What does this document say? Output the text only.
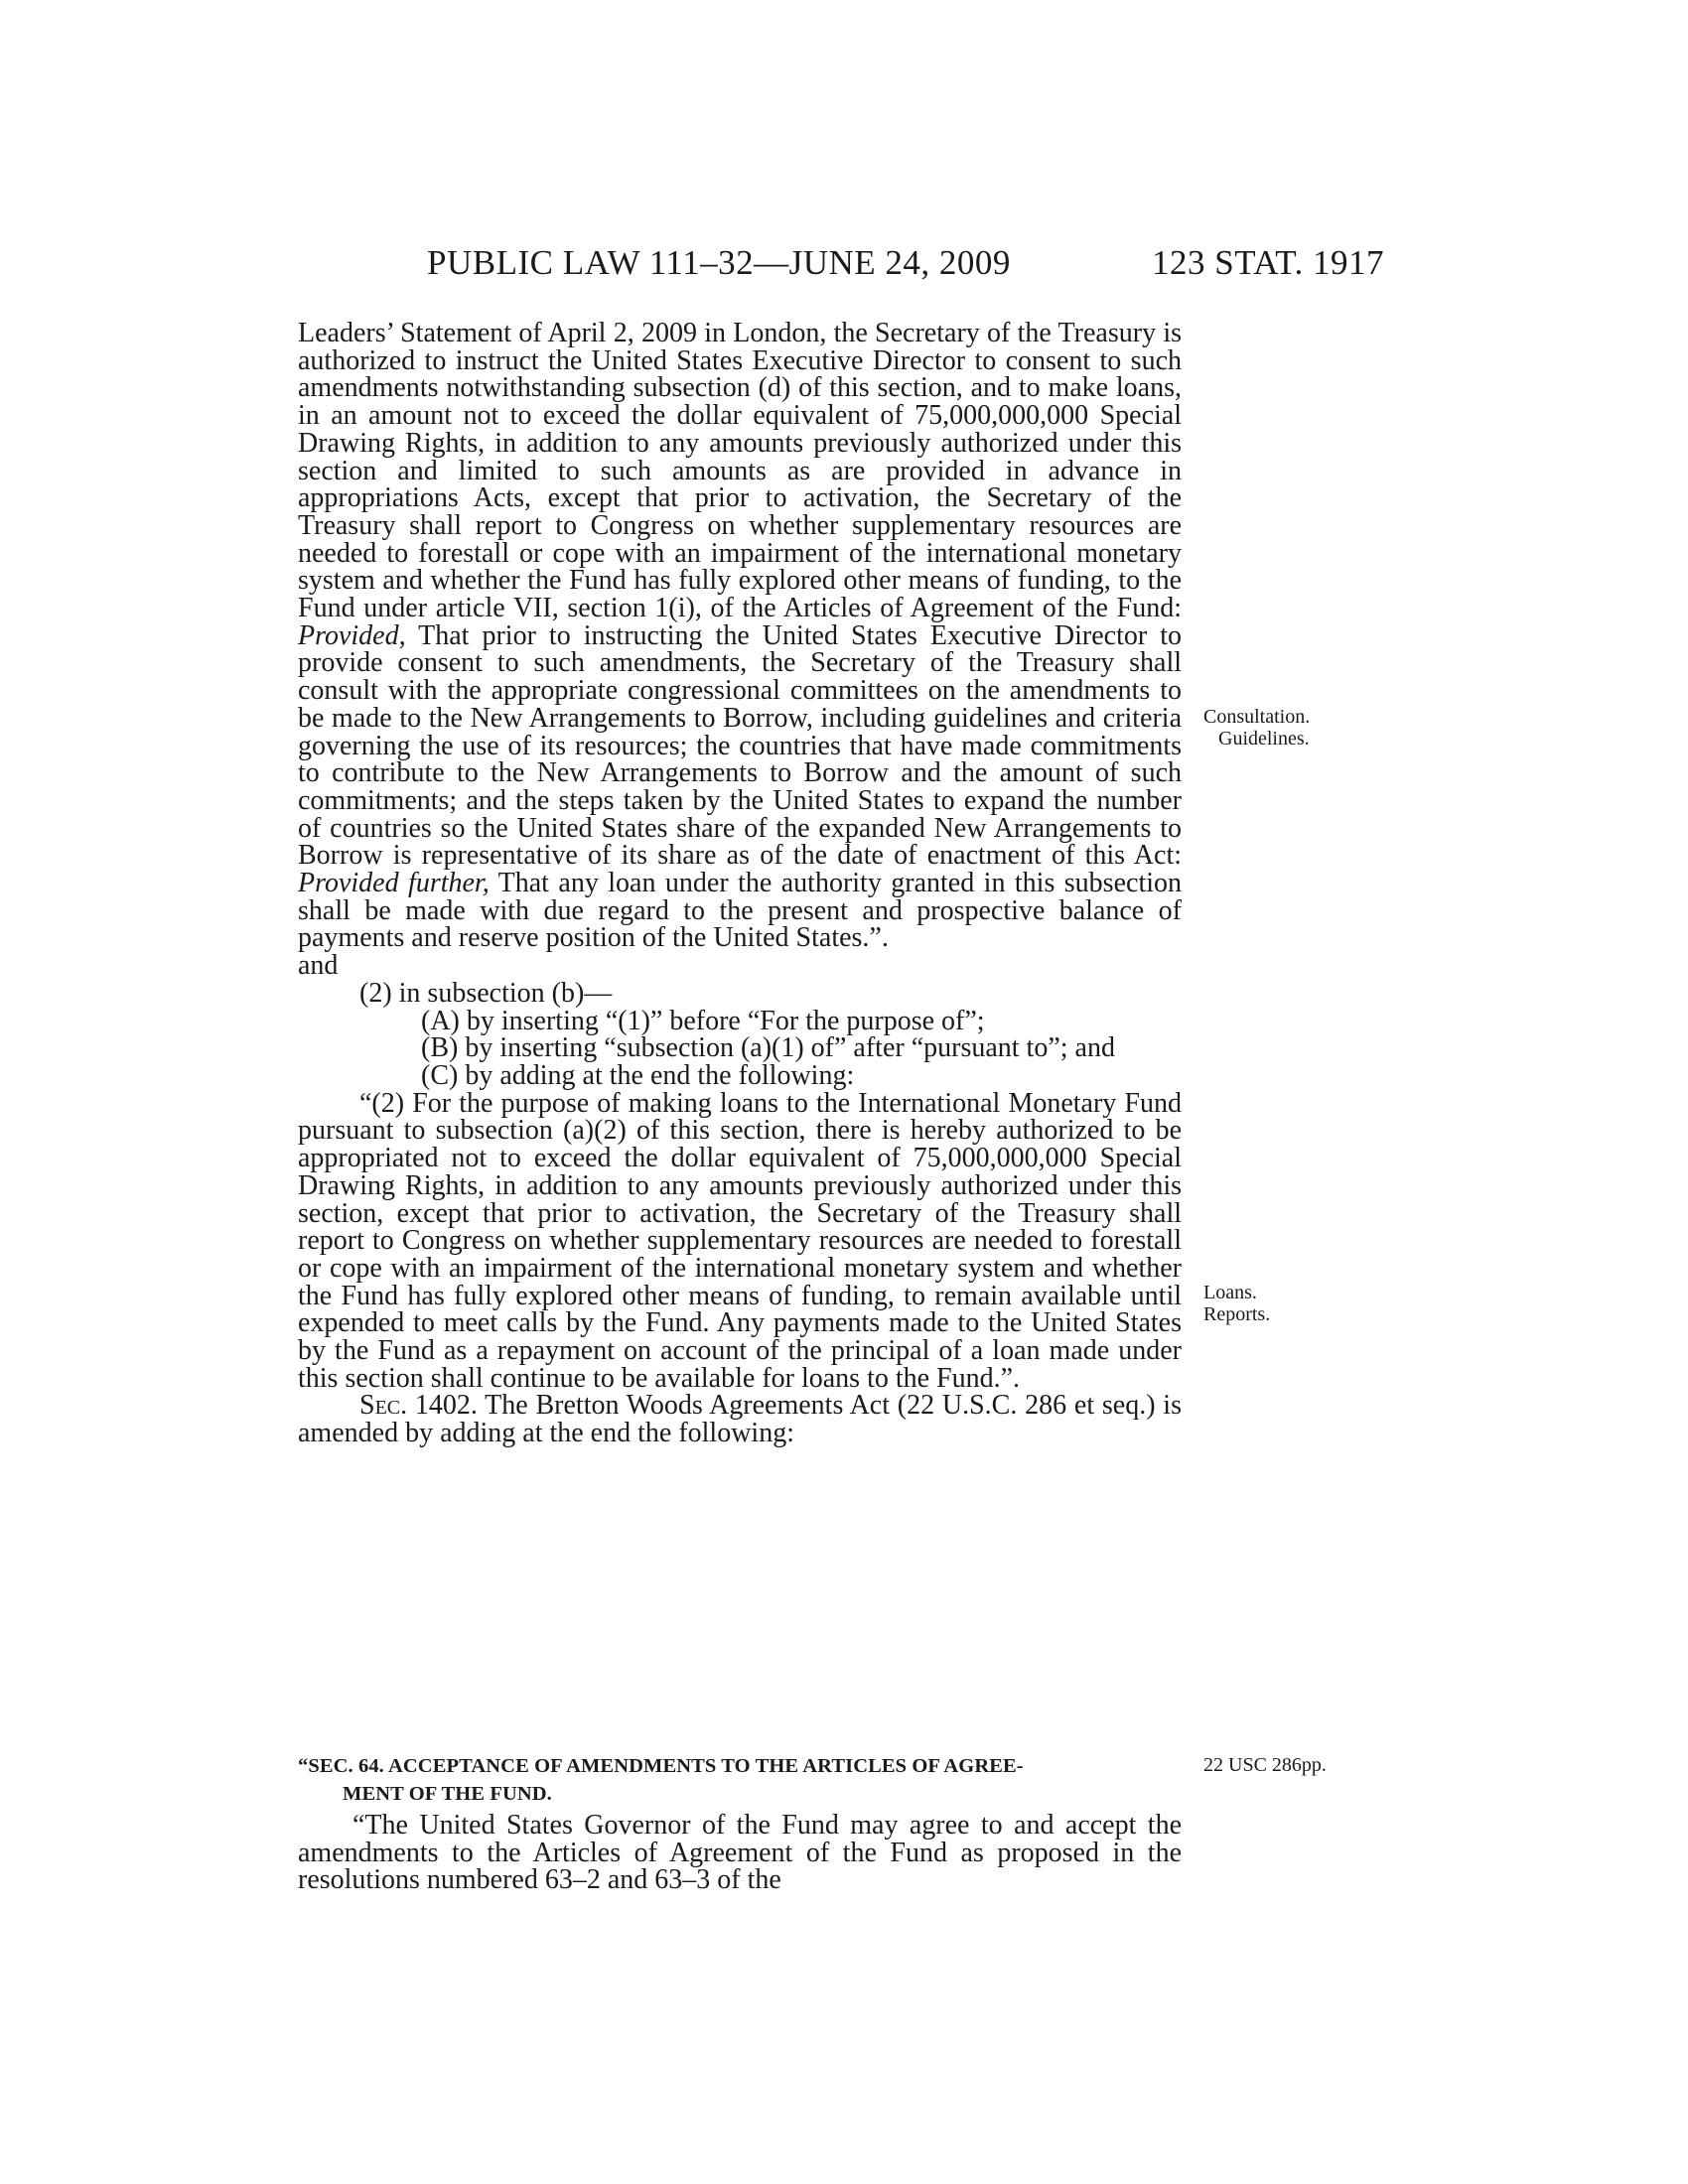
PUBLIC LAW 111–32—JUNE 24, 2009	123 STAT. 1917

Leaders’ Statement of April 2, 2009 in London, the Secretary of the Treasury is authorized to instruct the United States Executive Director to consent to such amendments notwithstanding subsection (d) of this section, and to make loans, in an amount not to exceed the dollar equivalent of 75,000,000,000 Special Drawing Rights, in addition to any amounts previously authorized under this section and limited to such amounts as are provided in advance in appropriations Acts, except that prior to activation, the Secretary of the Treasury shall report to Congress on whether supplementary resources are needed to forestall or cope with an impairment of the international monetary system and whether the Fund has fully explored other means of funding, to the Fund under article VII, section 1(i), of the Articles of Agreement of the Fund: Provided, That prior to instructing the United States Executive Director to provide consent to such amendments, the Secretary of the Treasury shall consult with the appropriate congressional committees on the amendments to be made to the New Arrangements to Borrow, including guidelines and criteria governing the use of its resources; the countries that have made commitments to contribute to the New Arrangements to Borrow and the amount of such commitments; and the steps taken by the United States to expand the number of countries so the United States share of the expanded New Arrangements to Borrow is representative of its share as of the date of enactment of this Act: Provided further, That any loan under the authority granted in this subsection shall be made with due regard to the present and prospective balance of payments and reserve position of the United States.”.

and

(2) in subsection (b)—

(A) by inserting “(1)” before “For the purpose of”;

(B) by inserting “subsection (a)(1) of” after “pursuant to”; and

(C) by adding at the end the following:

“(2) For the purpose of making loans to the International Monetary Fund pursuant to subsection (a)(2) of this section, there is hereby authorized to be appropriated not to exceed the dollar equivalent of 75,000,000,000 Special Drawing Rights, in addition to any amounts previously authorized under this section, except that prior to activation, the Secretary of the Treasury shall report to Congress on whether supplementary resources are needed to forestall or cope with an impairment of the international monetary system and whether the Fund has fully explored other means of funding, to remain available until expended to meet calls by the Fund. Any payments made to the United States by the Fund as a repayment on account of the principal of a loan made under this section shall continue to be available for loans to the Fund.”.

Sec. 1402. The Bretton Woods Agreements Act (22 U.S.C. 286 et seq.) is amended by adding at the end the following:

“SEC. 64. ACCEPTANCE OF AMENDMENTS TO THE ARTICLES OF AGREE-
MENT OF THE FUND.
“The United States Governor of the Fund may agree to and accept the amendments to the Articles of Agreement of the Fund as proposed in the resolutions numbered 63–2 and 63–3 of the
Consultation.
Guidelines.
Loans.
Reports.
22 USC 286pp.
